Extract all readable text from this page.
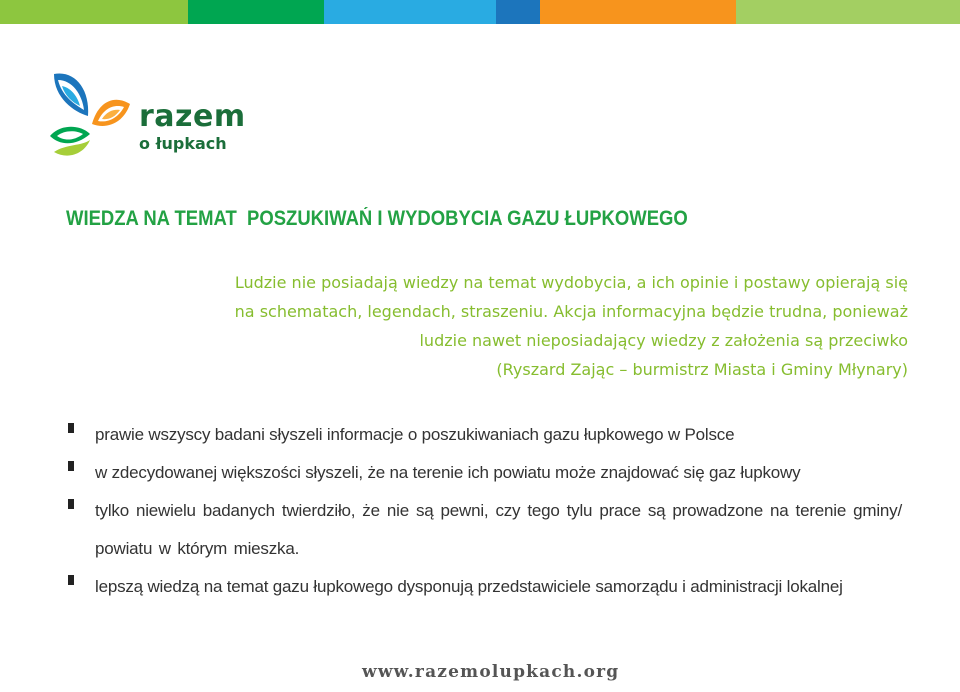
razem
o łupkach
WIEDZA NA TEMAT  POSZUKIWAŃ I WYDOBYCIA GAZU ŁUPKOWEGO
Ludzie nie posiadają wiedzy na temat wydobycia, a ich opinie i postawy opierają się
na schematach, legendach, straszeniu. Akcja informacyjna będzie trudna, ponieważ
ludzie nawet nieposiadający wiedzy z założenia są przeciwko
(Ryszard Zając – burmistrz Miasta i Gminy Młynary)
prawie wszyscy badani słyszeli informacje o poszukiwaniach gazu łupkowego w Polsce
w zdecydowanej większości słyszeli, że na terenie ich powiatu może znajdować się gaz łupkowy
tylko niewielu badanych twierdziło, że nie są pewni, czy tego tylu prace są prowadzone na terenie gminy/ powiatu w którym mieszka.
lepszą wiedzą na temat gazu łupkowego dysponują przedstawiciele samorządu i administracji lokalnej
www.razemolupkach.org
